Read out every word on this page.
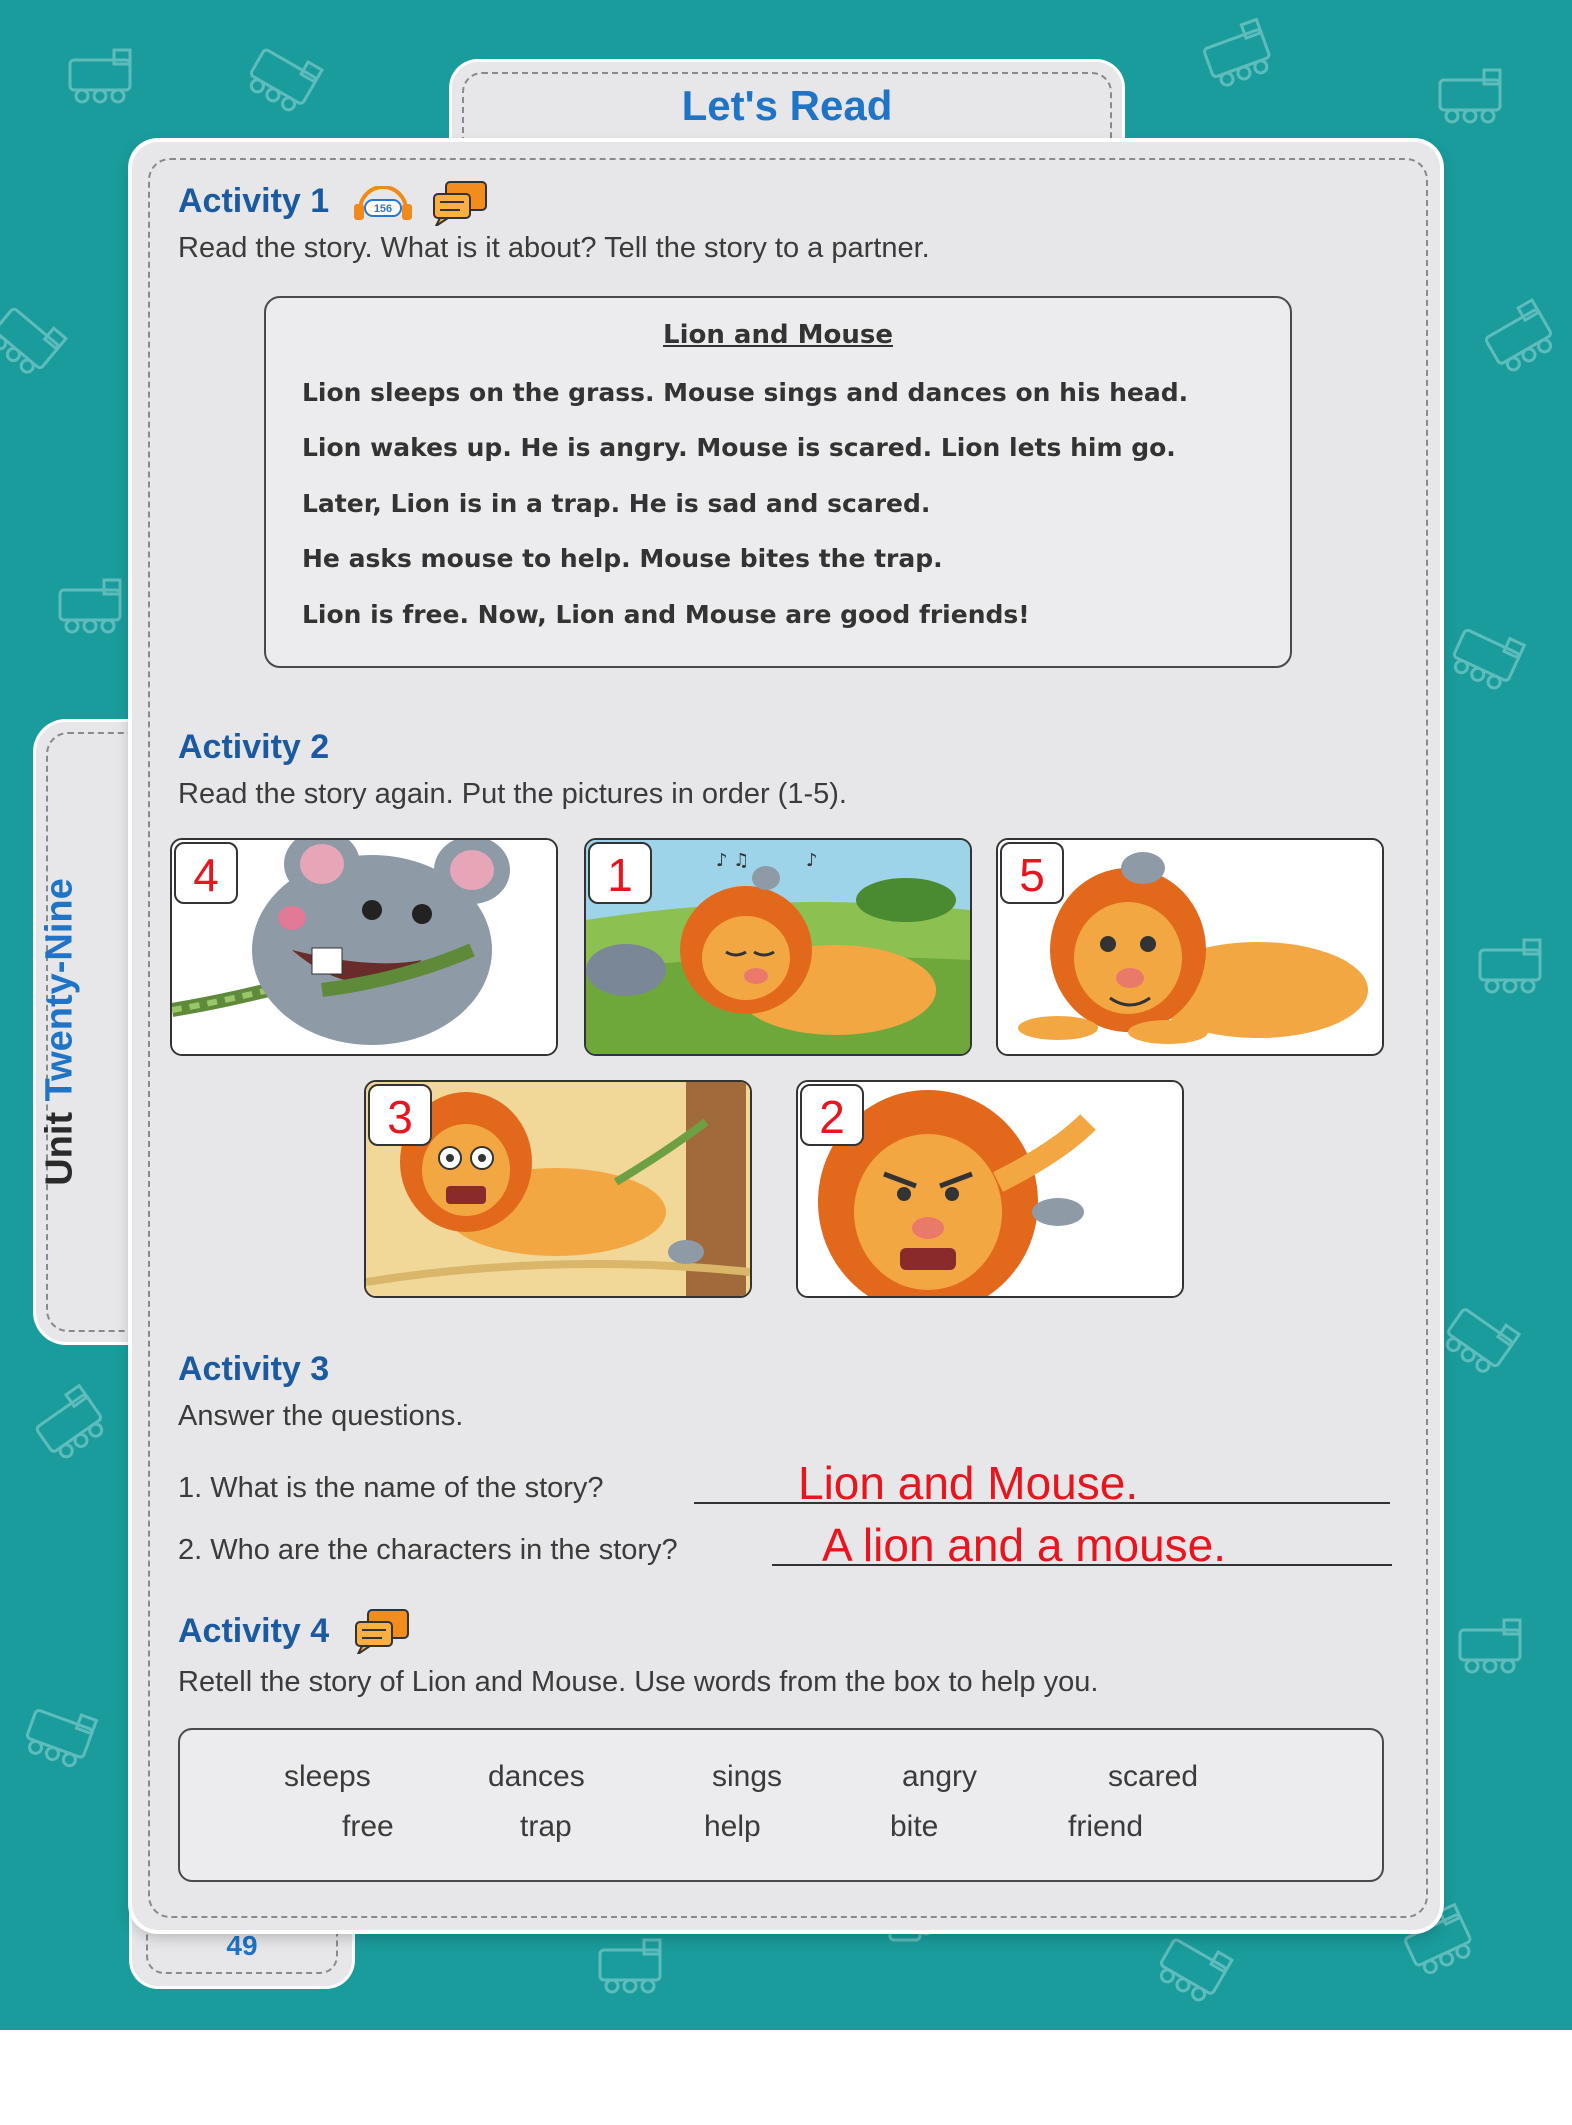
Let's Read
Unit Twenty-Nine
49
Activity 1	156
Read the story. What is it about? Tell the story to a partner.
Lion and Mouse
Lion sleeps on the grass. Mouse sings and dances on his head.
Lion wakes up. He is angry. Mouse is scared. Lion lets him go.
Later, Lion is in a trap. He is sad and scared.
He asks mouse to help. Mouse bites the trap.
Lion is free. Now, Lion and Mouse are good friends!
Activity 2
Read the story again. Put the pictures in order (1-5).
4	♪ ♫	♪
1	5
3	2
Activity 3
Answer the questions.
1. What is the name of the story?	Lion and Mouse.
2. Who are the characters in the story?	A lion and a mouse.
Activity 4
Retell the story of Lion and Mouse. Use words from the box to help you.
sleeps	dances	sings	angry	scared
free	trap	help	bite	friend
